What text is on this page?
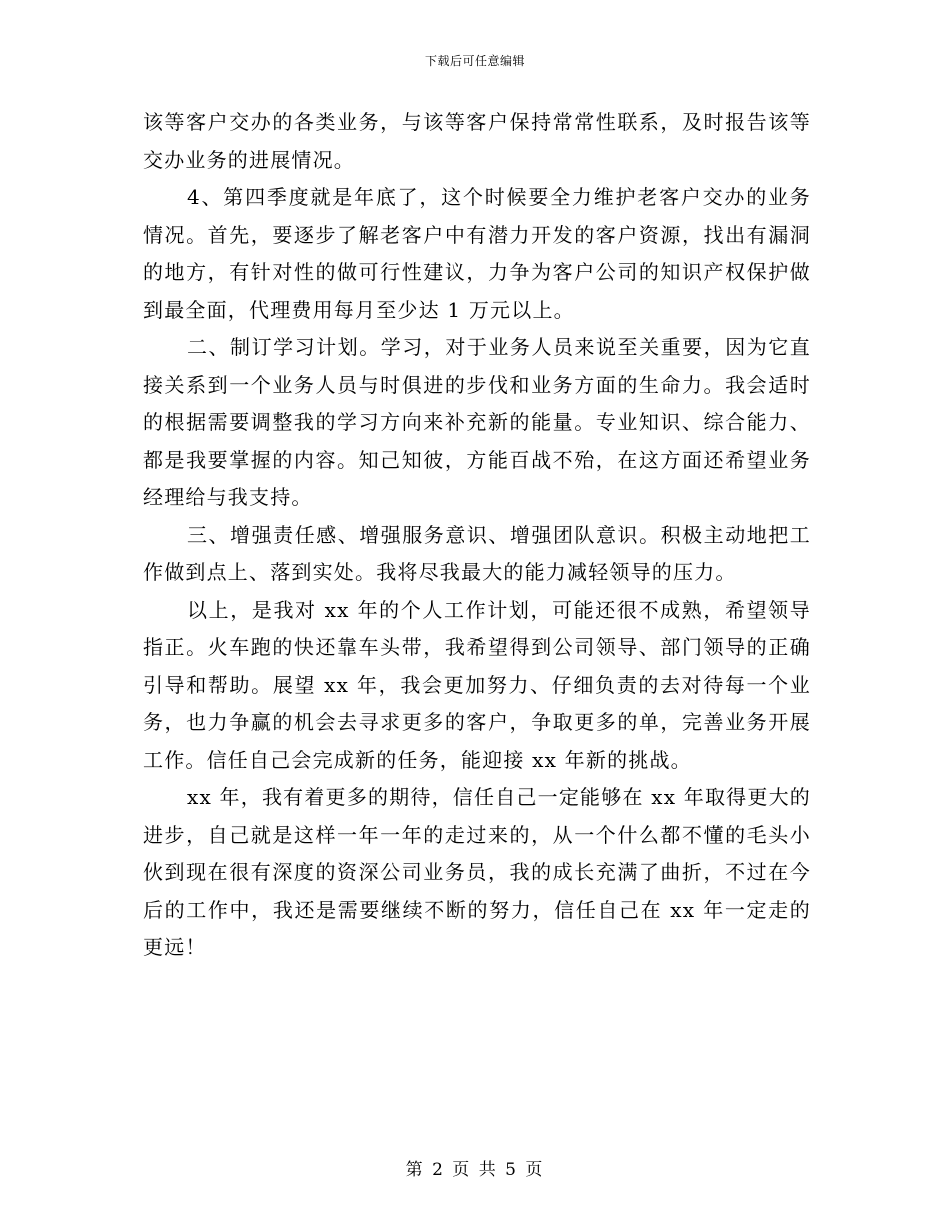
下载后可任意编辑

该等客户交办的各类业务，与该等客户保持常常性联系，及时报告该等交办业务的进展情况。

4、第四季度就是年底了，这个时候要全力维护老客户交办的业务情况。首先，要逐步了解老客户中有潜力开发的客户资源，找出有漏洞的地方，有针对性的做可行性建议，力争为客户公司的知识产权保护做到最全面，代理费用每月至少达 1 万元以上。

二、制订学习计划。学习，对于业务人员来说至关重要，因为它直接关系到一个业务人员与时俱进的步伐和业务方面的生命力。我会适时的根据需要调整我的学习方向来补充新的能量。专业知识、综合能力、都是我要掌握的内容。知己知彼，方能百战不殆，在这方面还希望业务经理给与我支持。

三、增强责任感、增强服务意识、增强团队意识。积极主动地把工作做到点上、落到实处。我将尽我最大的能力减轻领导的压力。

以上，是我对 xx 年的个人工作计划，可能还很不成熟，希望领导指正。火车跑的快还靠车头带，我希望得到公司领导、部门领导的正确引导和帮助。展望 xx 年，我会更加努力、仔细负责的去对待每一个业务，也力争赢的机会去寻求更多的客户，争取更多的单，完善业务开展工作。信任自己会完成新的任务，能迎接 xx 年新的挑战。

xx 年，我有着更多的期待，信任自己一定能够在 xx 年取得更大的进步，自己就是这样一年一年的走过来的，从一个什么都不懂的毛头小伙到现在很有深度的资深公司业务员，我的成长充满了曲折，不过在今后的工作中，我还是需要继续不断的努力，信任自己在 xx 年一定走的更远！

第 2 页 共 5 页
